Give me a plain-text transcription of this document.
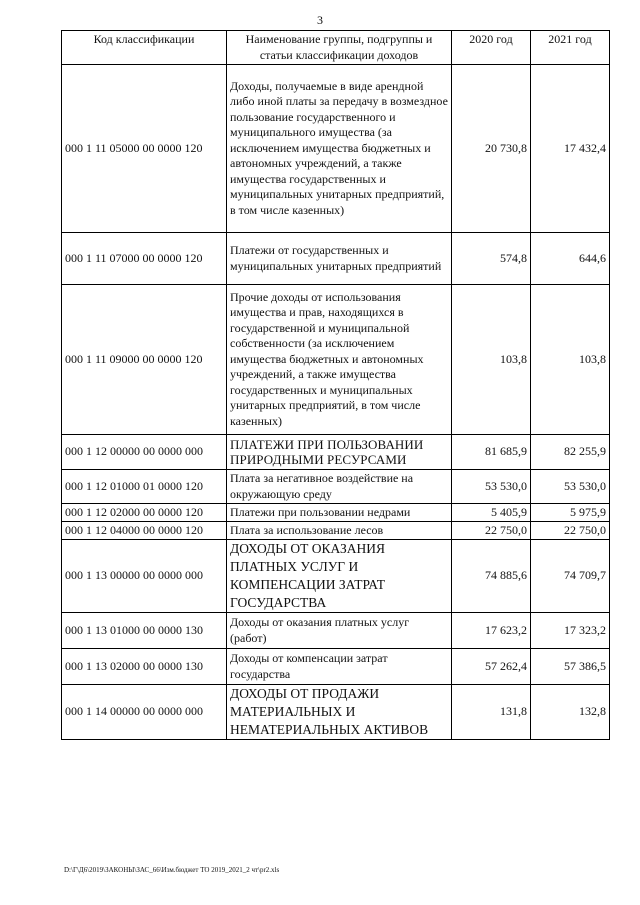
3
Код классификации	Наименование группы, подгруппы и статьи классификации доходов	2020 год	2021 год
000 1 11 05000 00 0000 120	Доходы, получаемые в виде арендной либо иной платы за передачу в возмездное пользование государственного и муниципального имущества (за исключением имущества бюджетных и автономных учреждений, а также имущества государственных и муниципальных унитарных предприятий, в том числе казенных)	20 730,8	17 432,4
000 1 11 07000 00 0000 120	Платежи от государственных и муниципальных унитарных предприятий	574,8	644,6
000 1 11 09000 00 0000 120	Прочие доходы от использования имущества и прав, находящихся в государственной и муниципальной собственности (за исключением имущества бюджетных и автономных учреждений, а также имущества государственных и муниципальных унитарных предприятий, в том числе казенных)	103,8	103,8
000 1 12 00000 00 0000 000	ПЛАТЕЖИ ПРИ ПОЛЬЗОВАНИИ ПРИРОДНЫМИ РЕСУРСАМИ	81 685,9	82 255,9
000 1 12 01000 01 0000 120	Плата за негативное воздействие на окружающую среду	53 530,0	53 530,0
000 1 12 02000 00 0000 120	Платежи при пользовании недрами	5 405,9	5 975,9
000 1 12 04000 00 0000 120	Плата за использование лесов	22 750,0	22 750,0
000 1 13 00000 00 0000 000	ДОХОДЫ ОТ ОКАЗАНИЯ ПЛАТНЫХ УСЛУГ И КОМПЕНСАЦИИ ЗАТРАТ ГОСУДАРСТВА	74 885,6	74 709,7
000 1 13 01000 00 0000 130	Доходы от оказания платных услуг (работ)	17 623,2	17 323,2
000 1 13 02000 00 0000 130	Доходы от компенсации затрат государства	57 262,4	57 386,5
000 1 14 00000 00 0000 000	ДОХОДЫ ОТ ПРОДАЖИ МАТЕРИАЛЬНЫХ И НЕМАТЕРИАЛЬНЫХ АКТИВОВ	131,8	132,8
D:\Г\Д6\2019\ЗАКОНЫ\ЗАС_66\Изм.бюджет ТО 2019_2021_2 чт\pr2.xls
